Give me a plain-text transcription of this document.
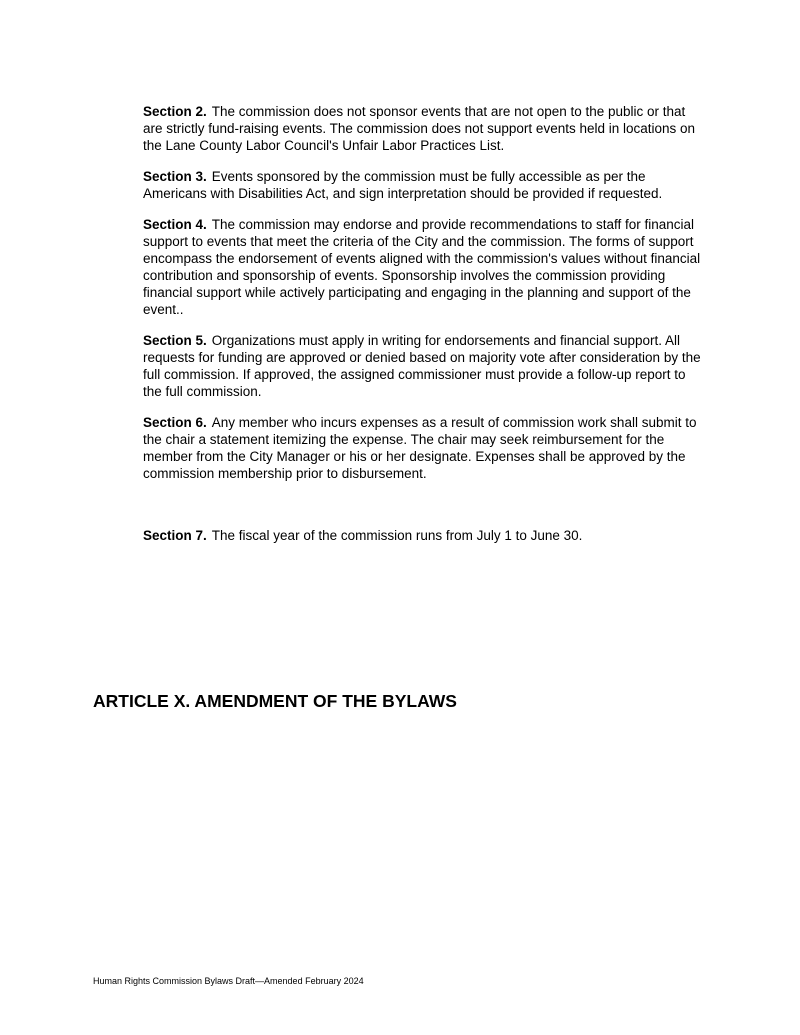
Section 2. The commission does not sponsor events that are not open to the public or that are strictly fund-raising events. The commission does not support events held in locations on the Lane County Labor Council's Unfair Labor Practices List.

Section 3. Events sponsored by the commission must be fully accessible as per the Americans with Disabilities Act, and sign interpretation should be provided if requested.

Section 4. The commission may endorse and provide recommendations to staff for financial support to events that meet the criteria of the City and the commission. The forms of support encompass the endorsement of events aligned with the commission's values without financial contribution and sponsorship of events. Sponsorship involves the commission providing financial support while actively participating and engaging in the planning and support of the event..

Section 5. Organizations must apply in writing for endorsements and financial support. All requests for funding are approved or denied based on majority vote after consideration by the full commission. If approved, the assigned commissioner must provide a follow-up report to the full commission.

Section 6. Any member who incurs expenses as a result of commission work shall submit to the chair a statement itemizing the expense. The chair may seek reimbursement for the member from the City Manager or his or her designate. Expenses shall be approved by the commission membership prior to disbursement.

Section 7. The fiscal year of the commission runs from July 1 to June 30.

ARTICLE X. AMENDMENT OF THE BYLAWS
Human Rights Commission Bylaws Draft—Amended February 2024
